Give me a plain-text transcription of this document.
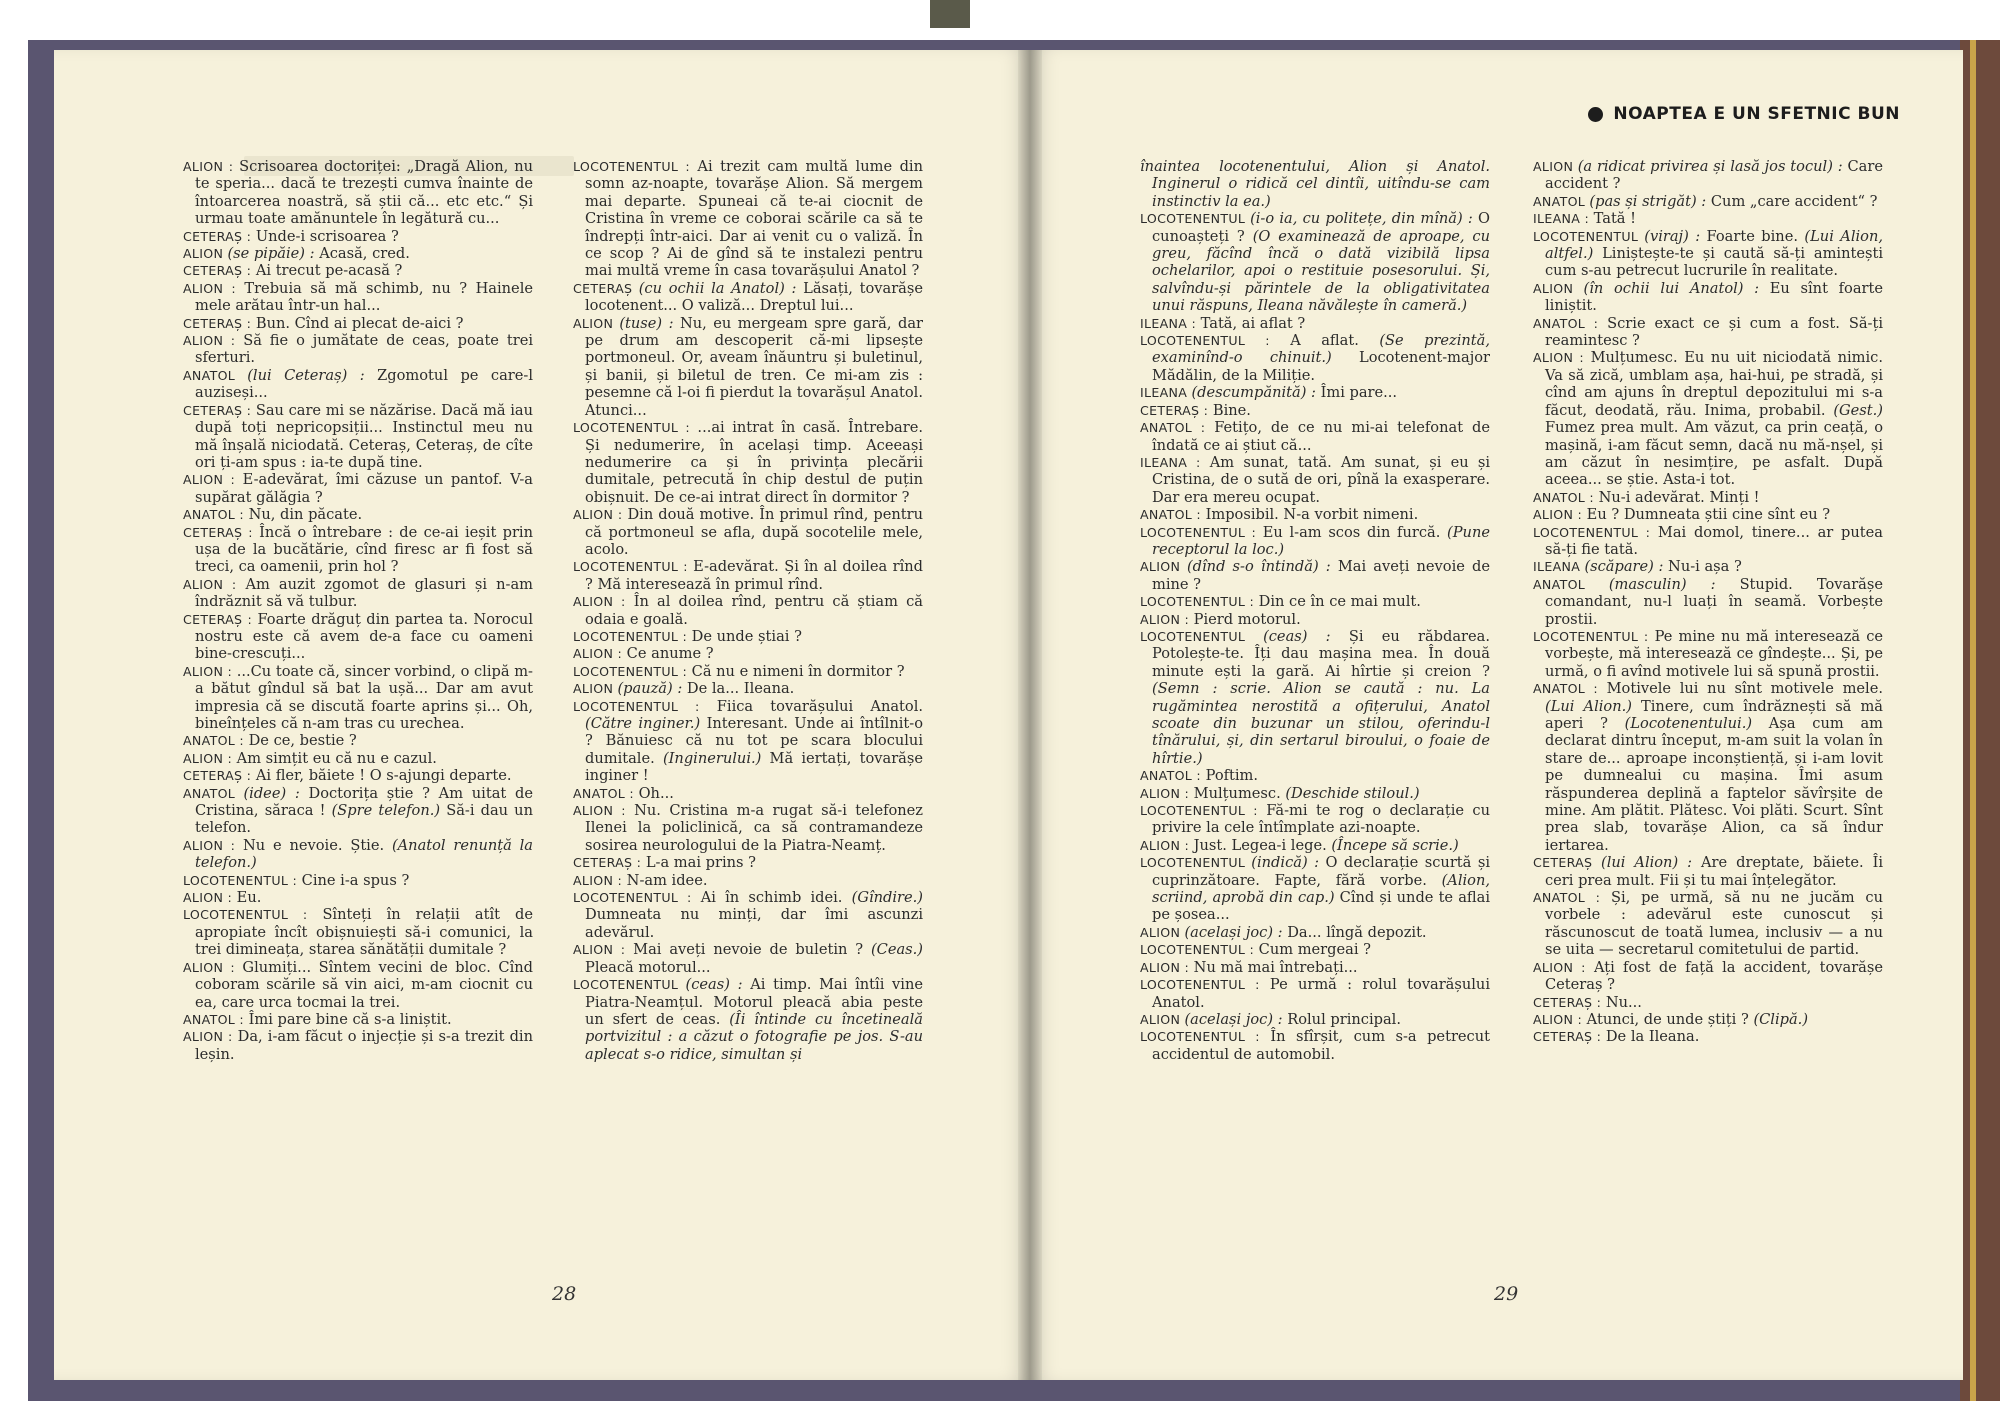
NOAPTEA E UN SFETNIC BUN
ALION : Scrisoarea doctoriței: „Dragă Alion, nu te speria... dacă te trezești cumva înainte de întoarcerea noastră, să știi că... etc etc.“ Și urmau toate amănuntele în legătură cu...
CETERAȘ : Unde-i scrisoarea ?
ALION (se pipăie) : Acasă, cred.
CETERAȘ : Ai trecut pe-acasă ?
ALION : Trebuia să mă schimb, nu ? Hainele mele arătau într-un hal...
CETERAȘ : Bun. Cînd ai plecat de-aici ?
ALION : Să fie o jumătate de ceas, poate trei sferturi.
ANATOL (lui Ceteraș) : Zgomotul pe care-l auziseși...
CETERAȘ : Sau care mi se năzărise. Dacă mă iau după toți nepricopsiții... Instinctul meu nu mă înșală niciodată. Ceteraș, Ceteraș, de cîte ori ți-am spus : ia-te după tine.
ALION : E-adevărat, îmi căzuse un pantof. V-a supărat gălăgia ?
ANATOL : Nu, din păcate.
CETERAȘ : Încă o întrebare : de ce-ai ieșit prin ușa de la bucătărie, cînd firesc ar fi fost să treci, ca oamenii, prin hol ?
ALION : Am auzit zgomot de glasuri și n-am îndrăznit să vă tulbur.
CETERAȘ : Foarte drăguț din partea ta. Norocul nostru este că avem de-a face cu oameni bine-crescuți...
ALION : ...Cu toate că, sincer vorbind, o clipă m-a bătut gîndul să bat la ușă... Dar am avut impresia că se discută foarte aprins și... Oh, bineînțeles că n-am tras cu urechea.
ANATOL : De ce, bestie ?
ALION : Am simțit eu că nu e cazul.
CETERAȘ : Ai fler, băiete ! O s-ajungi departe.
ANATOL (idee) : Doctorița știe ? Am uitat de Cristina, săraca ! (Spre telefon.) Să-i dau un telefon.
ALION : Nu e nevoie. Știe. (Anatol renunță la telefon.)
LOCOTENENTUL : Cine i-a spus ?
ALION : Eu.
LOCOTENENTUL : Sînteți în relații atît de apropiate încît obișnuiești să-i comunici, la trei dimineața, starea sănătății dumitale ?
ALION : Glumiți... Sîntem vecini de bloc. Cînd coboram scările să vin aici, m-am ciocnit cu ea, care urca tocmai la trei.
ANATOL : Îmi pare bine că s-a liniștit.
ALION : Da, i-am făcut o injecție și s-a trezit din leșin.
LOCOTENENTUL : Ai trezit cam multă lume din somn az-noapte, tovarășe Alion. Să mergem mai departe. Spuneai că te-ai ciocnit de Cristina în vreme ce coborai scările ca să te îndrepți într-aici. Dar ai venit cu o valiză. În ce scop ? Ai de gînd să te instalezi pentru mai multă vreme în casa tovarășului Anatol ?
CETERAȘ (cu ochii la Anatol) : Lăsați, tovarășe locotenent... O valiză... Dreptul lui...
ALION (tuse) : Nu, eu mergeam spre gară, dar pe drum am descoperit că-mi lipsește portmoneul. Or, aveam înăuntru și buletinul, și banii, și biletul de tren. Ce mi-am zis : pesemne că l-oi fi pierdut la tovarășul Anatol. Atunci...
LOCOTENENTUL : ...ai intrat în casă. Întrebare. Și nedumerire, în același timp. Aceeași nedumerire ca și în privința plecării dumitale, petrecută în chip destul de puțin obișnuit. De ce-ai intrat direct în dormitor ?
ALION : Din două motive. În primul rînd, pentru că portmoneul se afla, după socotelile mele, acolo.
LOCOTENENTUL : E-adevărat. Și în al doilea rînd ? Mă interesează în primul rînd.
ALION : În al doilea rînd, pentru că știam că odaia e goală.
LOCOTENENTUL : De unde știai ?
ALION : Ce anume ?
LOCOTENENTUL : Că nu e nimeni în dormitor ?
ALION (pauză) : De la... Ileana.
LOCOTENENTUL : Fiica tovarășului Anatol. (Către inginer.) Interesant. Unde ai întîlnit-o ? Bănuiesc că nu tot pe scara blocului dumitale. (Inginerului.) Mă iertați, tovarășe inginer !
ANATOL : Oh...
ALION : Nu. Cristina m-a rugat să-i telefonez Ilenei la policlinică, ca să contramandeze sosirea neurologului de la Piatra-Neamț.
CETERAȘ : L-a mai prins ?
ALION : N-am idee.
LOCOTENENTUL : Ai în schimb idei. (Gîndire.) Dumneata nu minți, dar îmi ascunzi adevărul.
ALION : Mai aveți nevoie de buletin ? (Ceas.) Pleacă motorul...
LOCOTENENTUL (ceas) : Ai timp. Mai întîi vine Piatra-Neamțul. Motorul pleacă abia peste un sfert de ceas. (Îi întinde cu încetineală portvizitul : a căzut o fotografie pe jos. S-au aplecat s-o ridice, simultan și
înaintea locotenentului, Alion și Anatol. Inginerul o ridică cel dintîi, uitîndu-se cam instinctiv la ea.)
LOCOTENENTUL (i-o ia, cu politețe, din mînă) : O cunoașteți ? (O examinează de aproape, cu greu, făcînd încă o dată vizibilă lipsa ochelarilor, apoi o restituie posesorului. Și, salvîndu-și părintele de la obligativitatea unui răspuns, Ileana năvălește în cameră.)
ILEANA : Tată, ai aflat ?
LOCOTENENTUL : A aflat. (Se prezintă, examinînd-o chinuit.) Locotenent-major Mădălin, de la Miliție.
ILEANA (descumpănită) : Îmi pare...
CETERAȘ : Bine.
ANATOL : Fetițo, de ce nu mi-ai telefonat de îndată ce ai știut că...
ILEANA : Am sunat, tată. Am sunat, și eu și Cristina, de o sută de ori, pînă la exasperare. Dar era mereu ocupat.
ANATOL : Imposibil. N-a vorbit nimeni.
LOCOTENENTUL : Eu l-am scos din furcă. (Pune receptorul la loc.)
ALION (dînd s-o întindă) : Mai aveți nevoie de mine ?
LOCOTENENTUL : Din ce în ce mai mult.
ALION : Pierd motorul.
LOCOTENENTUL (ceas) : Și eu răbdarea. Potolește-te. Îți dau mașina mea. În două minute ești la gară. Ai hîrtie și creion ? (Semn : scrie. Alion se caută : nu. La rugămintea nerostită a ofițerului, Anatol scoate din buzunar un stilou, oferindu-l tînărului, și, din sertarul biroului, o foaie de hîrtie.)
ANATOL : Poftim.
ALION : Mulțumesc. (Deschide stiloul.)
LOCOTENENTUL : Fă-mi te rog o declarație cu privire la cele întîmplate azi-noapte.
ALION : Just. Legea-i lege. (Începe să scrie.)
LOCOTENENTUL (indică) : O declarație scurtă și cuprinzătoare. Fapte, fără vorbe. (Alion, scriind, aprobă din cap.) Cînd și unde te aflai pe șosea...
ALION (același joc) : Da... lîngă depozit.
LOCOTENENTUL : Cum mergeai ?
ALION : Nu mă mai întrebați...
LOCOTENENTUL : Pe urmă : rolul tovarășului Anatol.
ALION (același joc) : Rolul principal.
LOCOTENENTUL : În sfîrșit, cum s-a petrecut accidentul de automobil.
ALION (a ridicat privirea și lasă jos tocul) : Care accident ?
ANATOL (pas și strigăt) : Cum „care accident“ ?
ILEANA : Tată !
LOCOTENENTUL (viraj) : Foarte bine. (Lui Alion, altfel.) Liniștește-te și caută să-ți amintești cum s-au petrecut lucrurile în realitate.
ALION (în ochii lui Anatol) : Eu sînt foarte liniștit.
ANATOL : Scrie exact ce și cum a fost. Să-ți reamintesc ?
ALION : Mulțumesc. Eu nu uit niciodată nimic. Va să zică, umblam așa, hai-hui, pe stradă, și cînd am ajuns în dreptul depozitului mi s-a făcut, deodată, rău. Inima, probabil. (Gest.) Fumez prea mult. Am văzut, ca prin ceață, o mașină, i-am făcut semn, dacă nu mă-nșel, și am căzut în nesimțire, pe asfalt. După aceea... se știe. Asta-i tot.
ANATOL : Nu-i adevărat. Minți !
ALION : Eu ? Dumneata știi cine sînt eu ?
LOCOTENENTUL : Mai domol, tinere... ar putea să-ți fie tată.
ILEANA (scăpare) : Nu-i așa ?
ANATOL (masculin) : Stupid. Tovarășe comandant, nu-l luați în seamă. Vorbește prostii.
LOCOTENENTUL : Pe mine nu mă interesează ce vorbește, mă interesează ce gîndește... Și, pe urmă, o fi avînd motivele lui să spună prostii.
ANATOL : Motivele lui nu sînt motivele mele. (Lui Alion.) Tinere, cum îndrăznești să mă aperi ? (Locotenentului.) Așa cum am declarat dintru început, m-am suit la volan în stare de... aproape inconștiență, și i-am lovit pe dumnealui cu mașina. Îmi asum răspunderea deplină a faptelor săvîrșite de mine. Am plătit. Plătesc. Voi plăti. Scurt. Sînt prea slab, tovarășe Alion, ca să îndur iertarea.
CETERAȘ (lui Alion) : Are dreptate, băiete. Îi ceri prea mult. Fii și tu mai înțelegător.
ANATOL : Și, pe urmă, să nu ne jucăm cu vorbele : adevărul este cunoscut și răscunoscut de toată lumea, inclusiv — a nu se uita — secretarul comitetului de partid.
ALION : Ați fost de față la accident, tovarășe Ceteraș ?
CETERAȘ : Nu...
ALION : Atunci, de unde știți ? (Clipă.)
CETERAȘ : De la Ileana.
28	29
